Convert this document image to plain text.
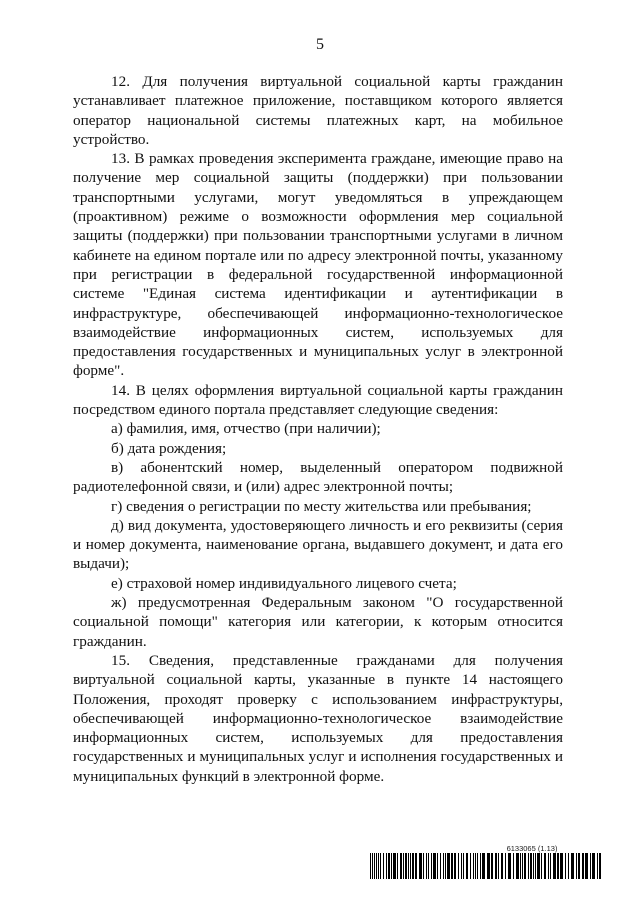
5

12. Для получения виртуальной социальной карты гражданин устанавливает платежное приложение, поставщиком которого является оператор национальной системы платежных карт, на мобильное устройство.

13. В рамках проведения эксперимента граждане, имеющие право на получение мер социальной защиты (поддержки) при пользовании транспортными услугами, могут уведомляться в упреждающем (проактивном) режиме о возможности оформления мер социальной защиты (поддержки) при пользовании транспортными услугами в личном кабинете на едином портале или по адресу электронной почты, указанному при регистрации в федеральной государственной информационной системе "Единая система идентификации и аутентификации в инфраструктуре, обеспечивающей информационно-технологическое взаимодействие информационных систем, используемых для предоставления государственных и муниципальных услуг в электронной форме".

14. В целях оформления виртуальной социальной карты гражданин посредством единого портала представляет следующие сведения:

а) фамилия, имя, отчество (при наличии);

б) дата рождения;

в) абонентский номер, выделенный оператором подвижной радиотелефонной связи, и (или) адрес электронной почты;

г) сведения о регистрации по месту жительства или пребывания;

д) вид документа, удостоверяющего личность и его реквизиты (серия и номер документа, наименование органа, выдавшего документ, и дата его выдачи);

е) страховой номер индивидуального лицевого счета;

ж) предусмотренная Федеральным законом "О государственной социальной помощи" категория или категории, к которым относится гражданин.

15. Сведения, представленные гражданами для получения виртуальной социальной карты, указанные в пункте 14 настоящего Положения, проходят проверку с использованием инфраструктуры, обеспечивающей информационно-технологическое взаимодействие информационных систем, используемых для предоставления государственных и муниципальных услуг и исполнения государственных и муниципальных функций в электронной форме.

6133065 (1.13)
